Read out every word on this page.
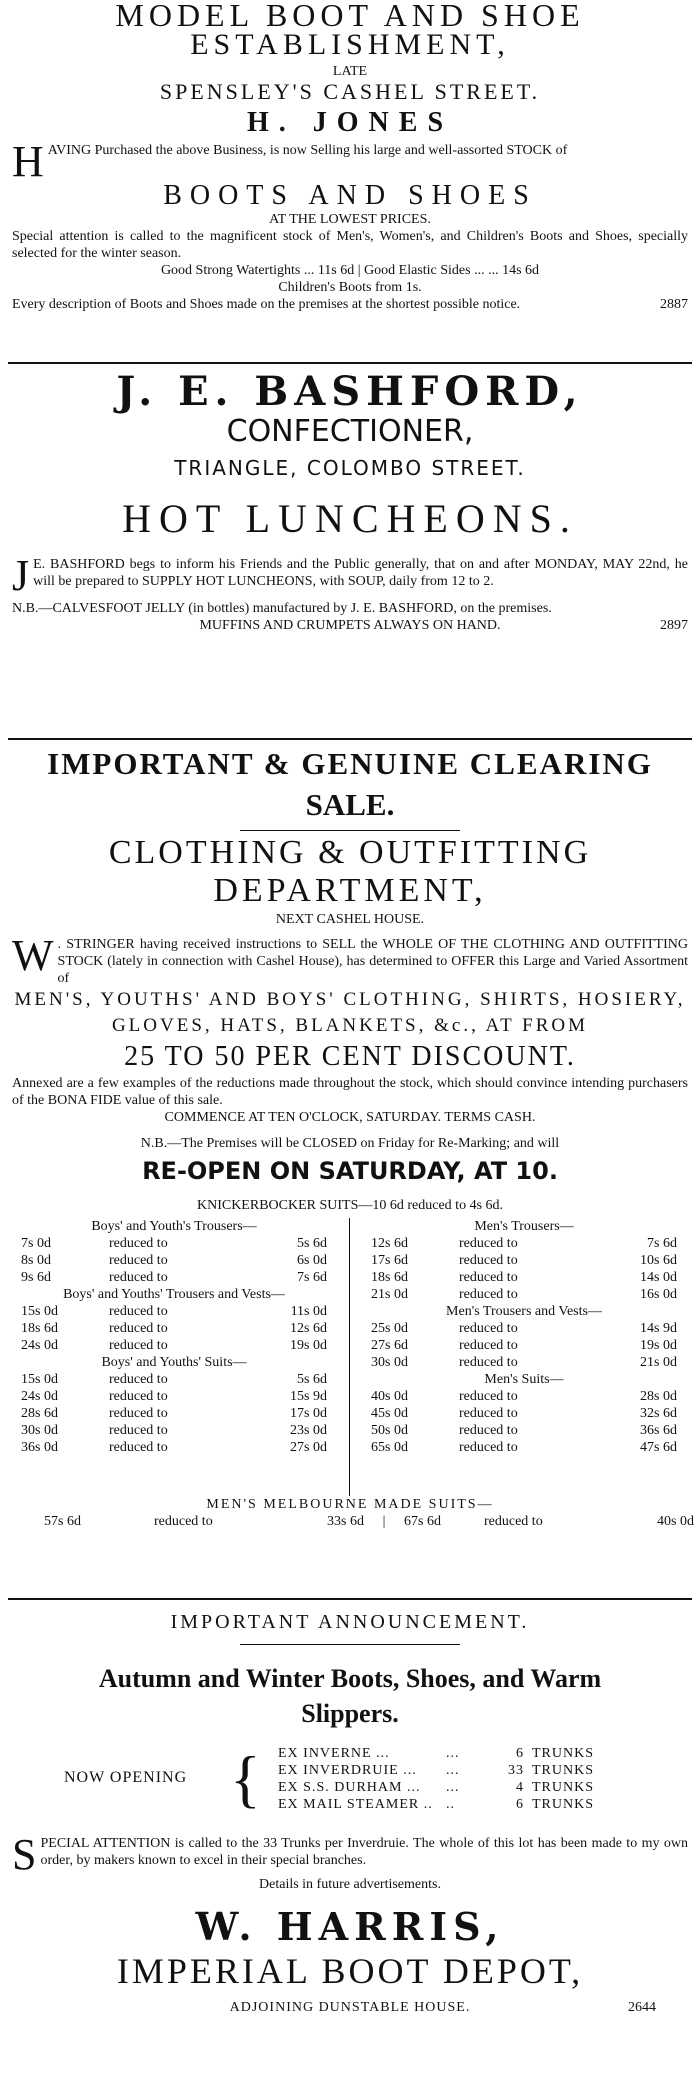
MODEL BOOT AND SHOE
ESTABLISHMENT,
LATE
SPENSLEY'S CASHEL STREET.
H. JONES
HAVING Purchased the above Business, is now Selling his large and well-assorted STOCK of
BOOTS AND SHOES
AT THE LOWEST PRICES.
Special attention is called to the magnificent stock of Men's, Women's, and Children's Boots and Shoes, specially selected for the winter season.
Good Strong Watertights ... 11s 6d | Good Elastic Sides ... ... 14s 6d
Children's Boots from 1s.
Every description of Boots and Shoes made on the premises at the shortest possible notice.	2887
J. E. BASHFORD,
CONFECTIONER,
TRIANGLE, COLOMBO STREET.
HOT LUNCHEONS.
J E. BASHFORD begs to inform his Friends and the Public generally, that on and after MONDAY, MAY 22nd, he will be prepared to SUPPLY HOT LUNCHEONS, with SOUP, daily from 12 to 2.
N.B.—CALVESFOOT JELLY (in bottles) manufactured by J. E. BASHFORD, on the premises.
MUFFINS AND CRUMPETS ALWAYS ON HAND.	2897
IMPORTANT & GENUINE CLEARING
SALE.
CLOTHING & OUTFITTING
DEPARTMENT,
NEXT CASHEL HOUSE.
W . STRINGER having received instructions to SELL the WHOLE OF THE CLOTHING AND OUTFITTING STOCK (lately in connection with Cashel House), has determined to OFFER this Large and Varied Assortment of
MEN'S, YOUTHS' AND BOYS' CLOTHING, SHIRTS, HOSIERY,
GLOVES, HATS, BLANKETS, &c., AT FROM
25 TO 50 PER CENT DISCOUNT.
Annexed are a few examples of the reductions made throughout the stock, which should convince intending purchasers of the BONA FIDE value of this sale.
COMMENCE AT TEN O'CLOCK, SATURDAY. TERMS CASH.
N.B.—The Premises will be CLOSED on Friday for Re-Marking; and will
RE-OPEN ON SATURDAY, AT 10.
KNICKERBOCKER SUITS—10 6d reduced to 4s 6d.
Boys' and Youth's Trousers—
7s 0d	reduced to	5s 6d
8s 0d	reduced to	6s 0d
9s 6d	reduced to	7s 6d
Boys' and Youths' Trousers and Vests—
15s 0d	reduced to	11s 0d
18s 6d	reduced to	12s 6d
24s 0d	reduced to	19s 0d
Boys' and Youths' Suits—
15s 0d	reduced to	5s 6d
24s 0d	reduced to	15s 9d
28s 6d	reduced to	17s 0d
30s 0d	reduced to	23s 0d
36s 0d	reduced to	27s 0d
Men's Trousers—
12s 6d	reduced to	7s 6d
17s 6d	reduced to	10s 6d
18s 6d	reduced to	14s 0d
21s 0d	reduced to	16s 0d
Men's Trousers and Vests—
25s 0d	reduced to	14s 9d
27s 6d	reduced to	19s 0d
30s 0d	reduced to	21s 0d
Men's Suits—
40s 0d	reduced to	28s 0d
45s 0d	reduced to	32s 6d
50s 0d	reduced to	36s 6d
65s 0d	reduced to	47s 6d
MEN'S MELBOURNE MADE SUITS—
57s 6d	reduced to	33s 6d	|	67s 6d	reduced to	40s 0d
IMPORTANT ANNOUNCEMENT.
Autumn and Winter Boots, Shoes, and Warm
Slippers.
NOW OPENING { EX INVERNE ...	...	6	TRUNKS
EX INVERDRUIE ...	...	33	TRUNKS
EX S.S. DURHAM ...	...	4	TRUNKS
EX MAIL STEAMER ..	..	6	TRUNKS
SPECIAL ATTENTION is called to the 33 Trunks per Inverdruie. The whole of this lot has been made to my own order, by makers known to excel in their special branches.
Details in future advertisements.
W. HARRIS,
IMPERIAL BOOT DEPOT,
ADJOINING DUNSTABLE HOUSE.	2644
